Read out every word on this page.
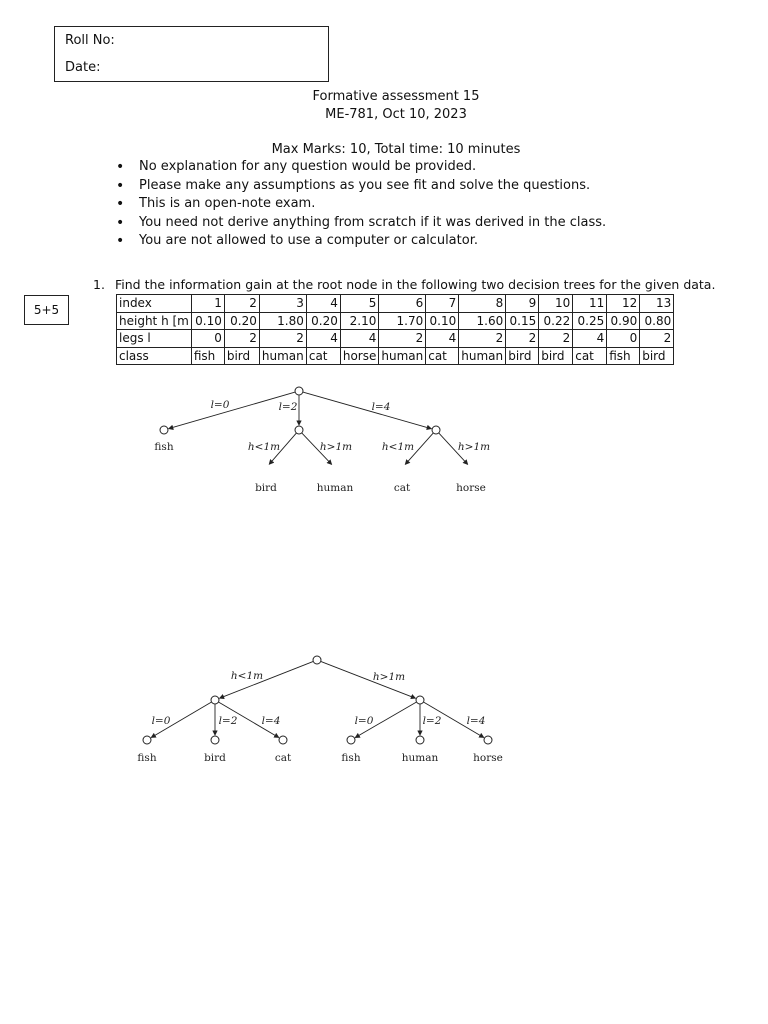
Roll No:
Date:
Formative assessment 15
ME-781, Oct 10, 2023
Max Marks: 10, Total time: 10 minutes
• No explanation for any question would be provided.
• Please make any assumptions as you see fit and solve the questions.
• This is an open-note exam.
• You need not derive anything from scratch if it was derived in the class.
• You are not allowed to use a computer or calculator.
1. Find the information gain at the root node in the following two decision trees for the given data.
5+5	index	1	2	3	4	5	6	7	8	9	10	11	12	13
height h [m	0.10	0.20	1.80	0.20	2.10	1.70	0.10	1.60	0.15	0.22	0.25	0.90	0.80
legs l	0	2	2	4	4	2	4	2	2	2	4	0	2
class	fish	bird	human	cat	horse	human	cat	human	bird	bird	cat	fish	bird
l=0	l=2	l=4
h<1m	h>1m	h<1m	h>1m
fish
bird	human	cat	horse
h<1m	h>1m
l=0	l=2 l=4	l=0	l=2 l=4
fish	bird	cat	fish	human	horse
